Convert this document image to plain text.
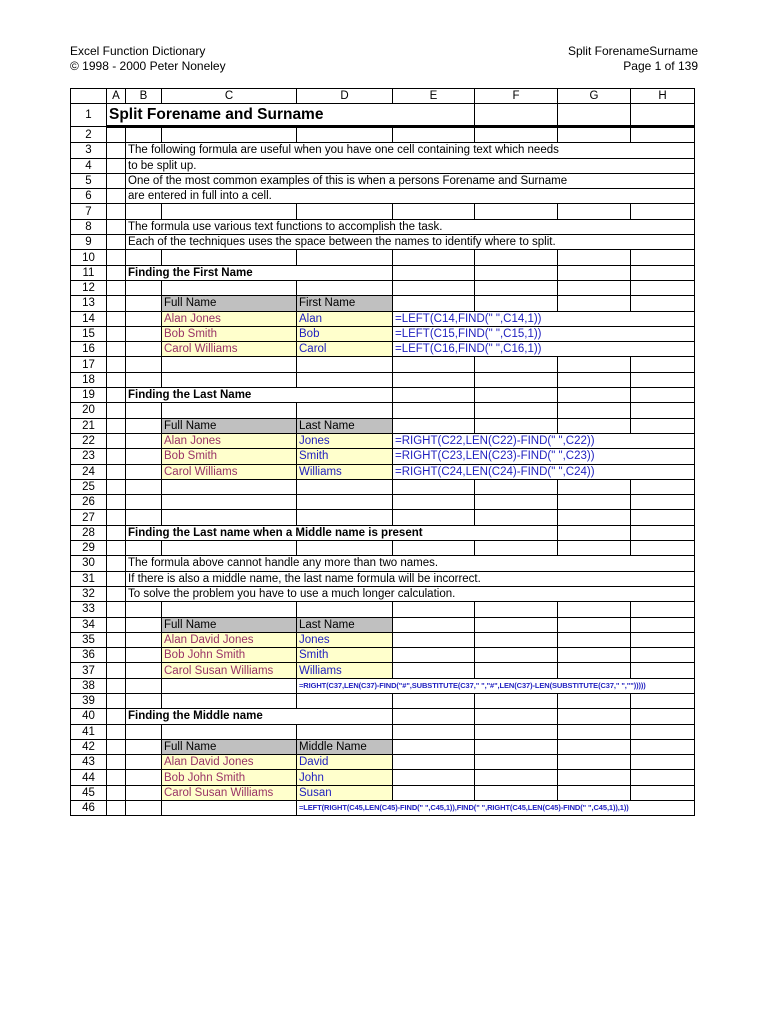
Excel Function Dictionary
© 1998 - 2000 Peter Noneley
Split ForenameSurname
Page 1 of 139
	A	B	C	D	E	F	G	H
1	Split Forename and Surname							
2								
3		The following formula are useful when you have one cell containing text which needs						
4		to be split up.						
5		One of the most common examples of this is when a persons Forename and Surname						
6		are entered in full into a cell.						
7								
8		The formula use various text functions to accomplish the task.						
9		Each of the techniques uses the space between the names to identify where to split.						
10								
11		Finding the First Name						
12								
13			Full Name	First Name				
14			Alan Jones	Alan	=LEFT(C14,FIND(" ",C14,1))			
15			Bob Smith	Bob	=LEFT(C15,FIND(" ",C15,1))			
16			Carol Williams	Carol	=LEFT(C16,FIND(" ",C16,1))			
17								
18								
19		Finding the Last Name						
20								
21			Full Name	Last Name				
22			Alan Jones	Jones	=RIGHT(C22,LEN(C22)-FIND(" ",C22))			
23			Bob Smith	Smith	=RIGHT(C23,LEN(C23)-FIND(" ",C23))			
24			Carol Williams	Williams	=RIGHT(C24,LEN(C24)-FIND(" ",C24))			
25								
26								
27								
28		Finding the Last name when a Middle name is present						
29								
30		The formula above cannot handle any more than two names.						
31		If there is also a middle name, the last name formula will be incorrect.						
32		To solve the problem you have to use a much longer calculation.						
33								
34			Full Name	Last Name				
35			Alan David Jones	Jones				
36			Bob John Smith	Smith				
37			Carol Susan Williams	Williams				
38				=RIGHT(C37,LEN(C37)-FIND("#",SUBSTITUTE(C37," ","#",LEN(C37)-LEN(SUBSTITUTE(C37," ","")))))				
39								
40		Finding the Middle name						
41								
42			Full Name	Middle Name				
43			Alan David Jones	David				
44			Bob John Smith	John				
45			Carol Susan Williams	Susan				
46				=LEFT(RIGHT(C45,LEN(C45)-FIND(" ",C45,1)),FIND(" ",RIGHT(C45,LEN(C45)-FIND(" ",C45,1)),1))				
